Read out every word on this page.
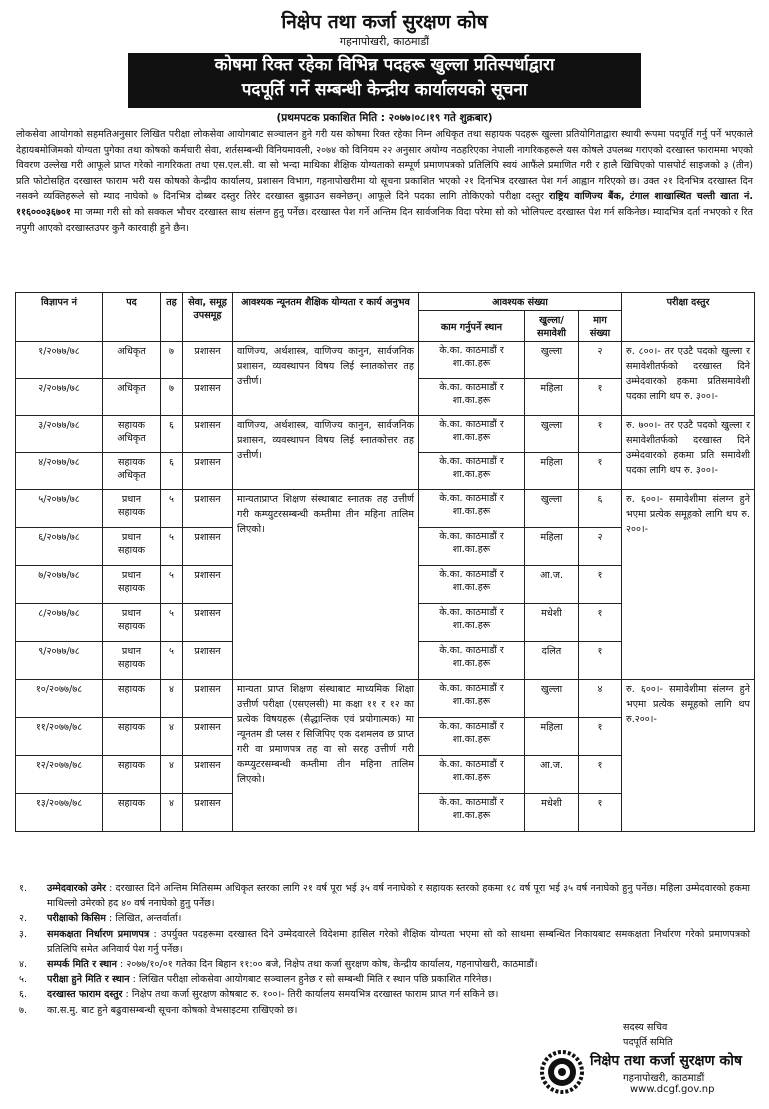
निक्षेप तथा कर्जा सुरक्षण कोष
गहनापोखरी, काठमाडौं
कोषमा रिक्त रहेका विभिन्न पदहरू खुल्ला प्रतिस्पर्धाद्वारा
पदपूर्ति गर्ने सम्बन्धी केन्द्रीय कार्यालयको सूचना
(प्रथमपटक प्रकाशित मिति : २०७७।०८।१९ गते शुक्रबार)
लोकसेवा आयोगको सहमतिअनुसार लिखित परीक्षा लोकसेवा आयोगबाट सञ्चालन हुने गरी यस कोषमा रिक्त रहेका निम्न अधिकृत तथा सहायक पदहरू खुल्ला प्रतियोगिताद्वारा स्थायी रूपमा पदपूर्ति गर्नु पर्ने भएकाले देहायबमोजिमको योग्यता पुगेका तथा कोषको कर्मचारी सेवा, शर्तसम्बन्धी विनियमावली, २०७४ को विनियम २२ अनुसार अयोग्य नठहरिएका नेपाली नागरिकहरूले यस कोषले उपलब्ध गराएको दरखास्त फाराममा भएको विवरण उल्लेख गरी आफूले प्राप्त गरेको नागरिकता तथा एस.एल.सी. वा सो भन्दा माथिका शैक्षिक योग्यताको सम्पूर्ण प्रमाणपत्रको प्रतिलिपि स्वयं आफैंले प्रमाणित गरी र हालै खिचिएको पासपोर्ट साइजको ३ (तीन) प्रति फोटोसहित दरखास्त फाराम भरी यस कोषको केन्द्रीय कार्यालय, प्रशासन विभाग, गहनापोखरीमा यो सूचना प्रकाशित भएको २१ दिनभित्र दरखास्त पेश गर्न आह्वान गरिएको छ। उक्त २१ दिनभित्र दरखास्त दिन नसक्ने व्यक्तिहरूले सो म्याद नाघेको ७ दिनभित्र दोब्बर दस्तुर तिरेर दरखास्त बुझाउन सक्नेछन्। आफूले दिने पदका लागि तोकिएको परीक्षा दस्तुर राष्ट्रिय वाणिज्य बैंक, टंगाल शाखास्थित चल्ती खाता नं. ११६०००३६७०१ मा जम्मा गरी सो को सक्कल भौचर दरखास्त साथ संलग्न हुनु पर्नेछ। दरखास्त पेश गर्ने अन्तिम दिन सार्वजनिक विदा परेमा सो को भोलिपल्ट दरखास्त पेश गर्न सकिनेछ। म्यादभित्र दर्ता नभएको र रित नपुगी आएको दरखास्तउपर कुनै कारवाही हुने छैन।
विज्ञापन नं	पद	तह	सेवा, समूह उपसमूह	आवश्यक न्यूनतम शैक्षिक योग्यता र कार्य अनुभव	आवश्यक संख्या			परीक्षा दस्तुर
					काम गर्नुपर्ने स्थान	खुल्ला/ समावेशी	माग संख्या	
१/२०७७/७८	अधिकृत	७	प्रशासन	वाणिज्य, अर्थशास्त्र, वाणिज्य कानुन, सार्वजनिक प्रशासन, व्यवस्थापन विषय लिई स्नातकोत्तर तह उत्तीर्ण।	के.का. काठमाडौं र शा.का.हरू	खुल्ला	२	रु. ८००।- तर एउटै पदको खुल्ला र समावेशीतर्फको दरखास्त दिने उम्मेदवारको हकमा प्रतिसमावेशी पदका लागि थप रु. ३००।-
२/२०७७/७८	अधिकृत	७	प्रशासन		के.का. काठमाडौं र शा.का.हरू	महिला	१	
३/२०७७/७८	सहायक अधिकृत	६	प्रशासन	वाणिज्य, अर्थशास्त्र, वाणिज्य कानुन, सार्वजनिक प्रशासन, व्यवस्थापन विषय लिई स्नातकोत्तर तह उत्तीर्ण।	के.का. काठमाडौं र शा.का.हरू	खुल्ला	१	रु. ७००।- तर एउटै पदको खुल्ला र समावेशीतर्फको दरखास्त दिने उम्मेदवारको हकमा प्रति समावेशी पदका लागि थप रु. ३००।-
४/२०७७/७८	सहायक अधिकृत	६	प्रशासन		के.का. काठमाडौं र शा.का.हरू	महिला	१	
५/२०७७/७८	प्रधान सहायक	५	प्रशासन	मान्यताप्राप्त शिक्षण संस्थाबाट स्नातक तह उत्तीर्ण गरी कम्प्युटरसम्बन्धी कम्तीमा तीन महिना तालिम लिएको।	के.का. काठमाडौं र शा.का.हरू	खुल्ला	६	रु. ६००।- समावेशीमा संलग्न हुने भएमा प्रत्येक समूहको लागि थप रु. २००।-
६/२०७७/७८	प्रधान सहायक	५	प्रशासन		के.का. काठमाडौं र शा.का.हरू	महिला	२	
७/२०७७/७८	प्रधान सहायक	५	प्रशासन		के.का. काठमाडौं र शा.का.हरू	आ.ज.	१	
८/२०७७/७८	प्रधान सहायक	५	प्रशासन		के.का. काठमाडौं र शा.का.हरू	मधेशी	१	
९/२०७७/७८	प्रधान सहायक	५	प्रशासन		के.का. काठमाडौं र शा.का.हरू	दलित	१	
१०/२०७७/७८	सहायक	४	प्रशासन	मान्यता प्राप्त शिक्षण संस्थाबाट माध्यमिक शिक्षा उत्तीर्ण परीक्षा (एसएलसी) मा कक्षा ११ र १२ का प्रत्येक विषयहरू (सैद्धान्तिक एवं प्रयोगात्मक) मा न्यूनतम डी प्लस र सिजिपिए एक दशमलव छ प्राप्त गरी वा प्रमाणपत्र तह वा सो सरह उत्तीर्ण गरी कम्प्युटरसम्बन्धी कम्तीमा तीन महिना तालिम लिएको।	के.का. काठमाडौं र शा.का.हरू	खुल्ला	४	रु. ६००।- समावेशीमा संलग्न हुने भएमा प्रत्येक समूहको लागि थप रु.२००।-
११/२०७७/७८	सहायक	४	प्रशासन		के.का. काठमाडौं र शा.का.हरू	महिला	१	
१२/२०७७/७८	सहायक	४	प्रशासन		के.का. काठमाडौं र शा.का.हरू	आ.ज.	१	
१३/२०७७/७८	सहायक	४	प्रशासन		के.का. काठमाडौं र शा.का.हरू	मधेशी	१	
१.	उम्मेदवारको उमेर : दरखास्त दिने अन्तिम मितिसम्म अधिकृत स्तरका लागि २१ वर्ष पूरा भई ३५ वर्ष ननाघेको र सहायक स्तरको हकमा १८ वर्ष पूरा भई ३५ वर्ष ननाघेको हुनु पर्नेछ। महिला उम्मेदवारको हकमा माथिल्लो उमेरको हद ४० वर्ष ननाघेको हुनु पर्नेछ।
२.	परीक्षाको किसिम : लिखित, अन्तर्वार्ता।
३.	समकक्षता निर्धारण प्रमाणपत्र : उपर्युक्त पदहरूमा दरखास्त दिने उम्मेदवारले विदेशमा हासिल गरेको शैक्षिक योग्यता भएमा सो को साथमा सम्बन्धित निकायबाट समकक्षता निर्धारण गरेको प्रमाणपत्रको प्रतिलिपि समेत अनिवार्य पेश गर्नु पर्नेछ।
४.	सम्पर्क मिति र स्थान : २०७७/१०/०१ गतेका दिन बिहान ११:०० बजे, निक्षेप तथा कर्जा सुरक्षण कोष, केन्द्रीय कार्यालय, गहनापोखरी, काठमाडौं।
५.	परीक्षा हुने मिति र स्थान : लिखित परीक्षा लोकसेवा आयोगबाट सञ्चालन हुनेछ र सो सम्बन्धी मिति र स्थान पछि प्रकाशित गरिनेछ।
६.	दरखास्त फाराम दस्तुर : निक्षेप तथा कर्जा सुरक्षण कोषबाट रु. १००।- तिरी कार्यालय समयभित्र दरखास्त फाराम प्राप्त गर्न सकिने छ।
७.	का.स.मु. बाट हुने बढुवासम्बन्धी सूचना कोषको वेभसाइटमा राखिएको छ।
सदस्य सचिव
पदपूर्ति समिति
निक्षेप तथा कर्जा सुरक्षण कोष
गहनापोखरी, काठमाडौं
www.dcgf.gov.np
